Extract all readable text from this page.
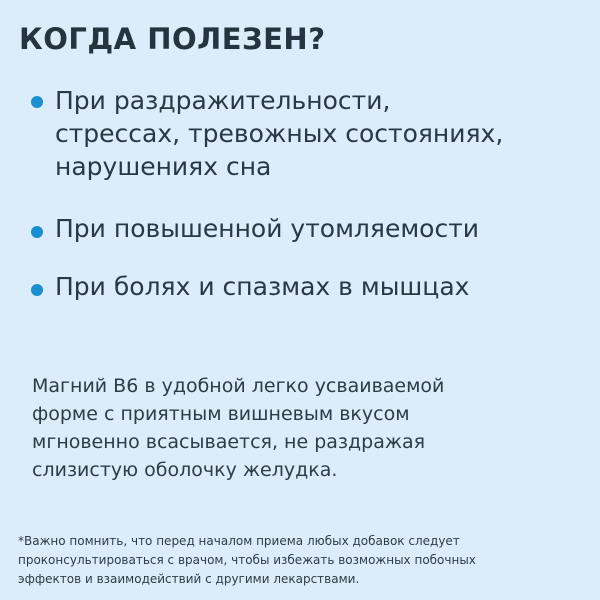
КОГДА ПОЛЕЗЕН?
При раздражительности,
стрессах, тревожных состояниях,
нарушениях сна
При повышенной утомляемости
При болях и спазмах в мышцах
Магний B6 в удобной легко усваиваемой
форме с приятным вишневым вкусом
мгновенно всасывается, не раздражая
слизистую оболочку желудка.
*Важно помнить, что перед началом приема любых добавок следует
проконсультироваться с врачом, чтобы избежать возможных побочных
эффектов и взаимодействий с другими лекарствами.
